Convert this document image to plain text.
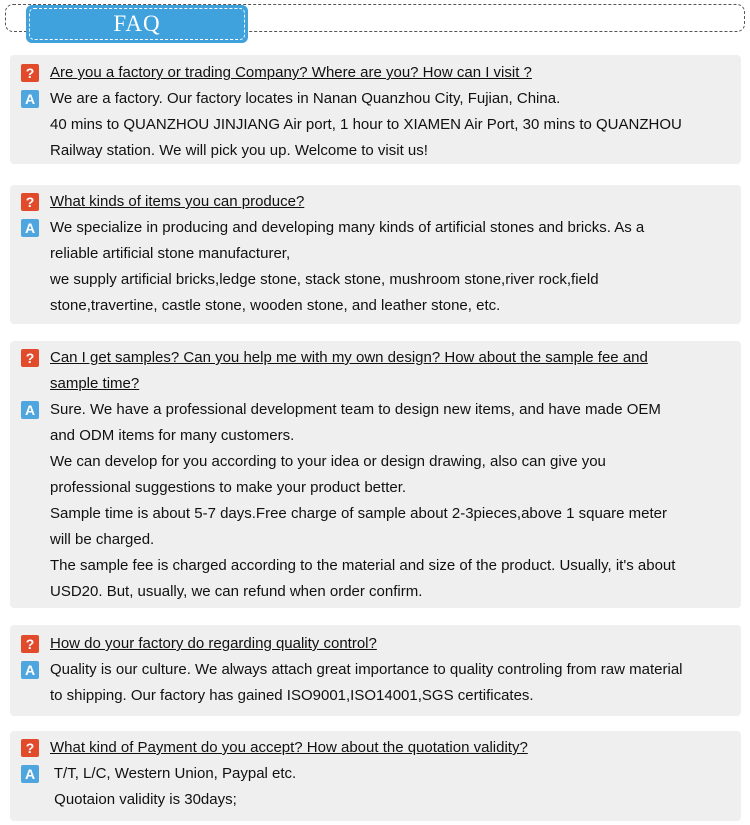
FAQ
?	Are you a factory or trading Company? Where are you? How can I visit ?
A We are a factory. Our factory locates in Nanan Quanzhou City, Fujian, China.
40 mins to QUANZHOU JINJIANG Air port, 1 hour to XIAMEN Air Port, 30 mins to QUANZHOU
Railway station. We will pick you up. Welcome to visit us!
?	What kinds of items you can produce?
A We specialize in producing and developing many kinds of artificial stones and bricks. As a
reliable artificial stone manufacturer,
we supply artificial bricks,ledge stone, stack stone, mushroom stone,river rock,field
stone,travertine, castle stone, wooden stone, and leather stone, etc.
?	Can I get samples? Can you help me with my own design? How about the sample fee and
sample time?
A Sure. We have a professional development team to design new items, and have made OEM
and ODM items for many customers.
We can develop for you according to your idea or design drawing, also can give you
professional suggestions to make your product better.
Sample time is about 5-7 days.Free charge of sample about 2-3pieces,above 1 square meter
will be charged.
The sample fee is charged according to the material and size of the product. Usually, it's about
USD20. But, usually, we can refund when order confirm.
?	How do your factory do regarding quality control?
A Quality is our culture. We always attach great importance to quality controling from raw material
to shipping. Our factory has gained ISO9001,ISO14001,SGS certificates.
?	What kind of Payment do you accept? How about the quotation validity?
A T/T, L/C, Western Union, Paypal etc.
Quotaion validity is 30days;
